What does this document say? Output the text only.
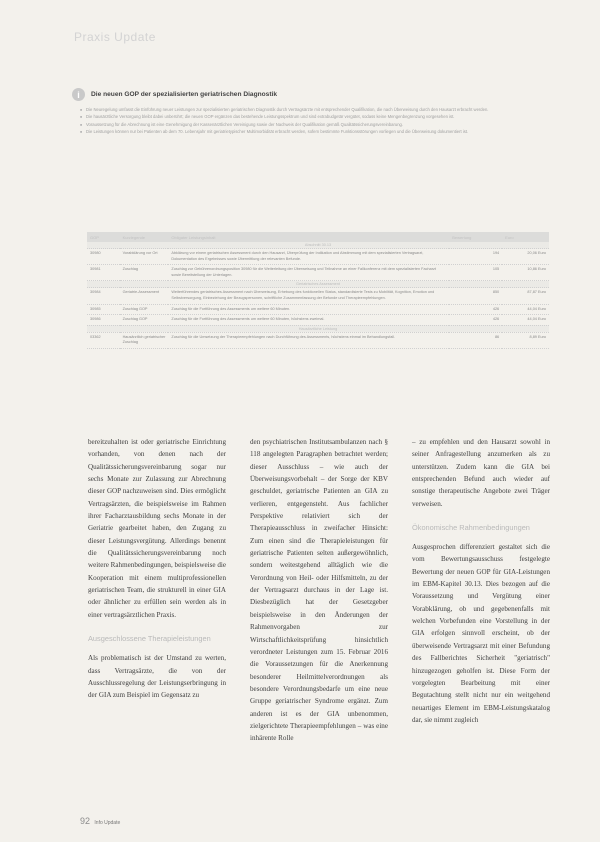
Praxis Update
i	Die neuen GOP der spezialisierten geriatrischen Diagnostik
■ Die Neuregelung umfasst die Einführung neuer Leistungen zur spezialisierten geriatrischen Diagnostik durch Vertragsärzte mit entsprechender Qualifikation, die nach Überweisung durch den Hausarzt erbracht werden.
■ Die hausärztliche Versorgung bleibt dabei unberührt; die neuen GOP ergänzen das bestehende Leistungsspektrum und sind extrabudgetär vergütet, sodass keine Mengenbegrenzung vorgesehen ist.
■ Voraussetzung für die Abrechnung ist eine Genehmigung der Kassenärztlichen Vereinigung sowie der Nachweis der Qualifikation gemäß Qualitätssicherungsvereinbarung.
■ Die Leistungen können nur bei Patienten ab dem 70. Lebensjahr mit geriatrietypischer Multimorbidität erbracht werden, sofern bestimmte Funktionsstörungen vorliegen und die Überweisung dokumentiert ist.
GOP	Kurzlegende	Obligater Leistungsinhalt	Bewertung	Euro
Abschnitt 30.13				
30980	Vorabklärung vor Ort	Abklärung vor einem geriatrischen Assessment durch den Hausarzt, Überprüfung der Indikation und Abstimmung mit dem spezialisierten Vertragsarzt, Dokumentation des Ergebnisses sowie Übermittlung der relevanten Befunde.	194	20,06 Euro
30981	Zuschlag	Zuschlag zur Gebührenordnungsposition 30980 für die Weiterleitung der Überweisung und Teilnahme an einer Fallkonferenz mit dem spezialisierten Facharzt sowie Bereitstellung der Unterlagen.	105	10,86 Euro
Geriatrisches Assessment				
30984	Geriatrie-Assessment	Weiterführendes geriatrisches Assessment nach Überweisung, Erhebung des funktionellen Status, standardisierte Tests zu Mobilität, Kognition, Emotion und Selbstversorgung, Einbeziehung der Bezugspersonen, schriftliche Zusammenfassung der Befunde und Therapieempfehlungen.	850	87,87 Euro
30985	Zuschlag GOP	Zuschlag für die Fortführung des Assessments um weitere 60 Minuten.	426	44,04 Euro
30986	Zuschlag GOP	Zuschlag für die Fortführung des Assessments um weitere 60 Minuten, höchstens zweimal.	426	44,04 Euro
Hausärztliche Leistung				
03362	Hausärztlich geriatrischer Zuschlag	Zuschlag für die Umsetzung der Therapieempfehlungen nach Durchführung des Assessments, höchstens einmal im Behandlungsfall.	86	8,89 Euro

bereitzuhalten ist oder geriatrische Einrichtung vorhanden, von denen nach der Qualitätssicherungsvereinbarung sogar nur sechs Monate zur Zulassung zur Abrechnung dieser GOP nachzuweisen sind. Dies ermöglicht Vertragsärzten, die beispielsweise im Rahmen ihrer Facharztausbildung sechs Monate in der Geriatrie gearbeitet haben, den Zugang zu dieser Leistungsvergütung. Allerdings benennt die Qualitätssicherungsvereinbarung noch weitere Rahmenbedingungen, beispielsweise die Kooperation mit einem multiprofessionellen geriatrischen Team, die strukturell in einer GIA oder ähnlicher zu erfüllen sein werden als in einer vertragsärztlichen Praxis.

Ausgeschlossene Therapieleistungen

Als problematisch ist der Umstand zu werten, dass Vertragsärzte, die von der Ausschlussregelung der Leistungserbringung in der GIA zum Beispiel im Gegensatz zu

den psychiatrischen Institutsambulanzen nach § 118 angelegten Paragraphen betrachtet werden; dieser Ausschluss – wie auch der Überweisungsvorbehalt – der Sorge der KBV geschuldet, geriatrische Patienten an GIA zu verlieren, entgegensteht. Aus fachlicher Perspektive relativiert sich der Therapieausschluss in zweifacher Hinsicht: Zum einen sind die Therapieleistungen für geriatrische Patienten selten außergewöhnlich, sondern weitestgehend alltäglich wie die Verordnung von Heil- oder Hilfsmitteln, zu der der Vertragsarzt durchaus in der Lage ist. Diesbezüglich hat der Gesetzgeber beispielsweise in den Änderungen der Rahmenvorgaben zur Wirtschaftlichkeitsprüfung hinsichtlich verordneter Leistungen zum 15. Februar 2016 die Voraussetzungen für die Anerkennung besonderer Heilmittelverordnungen als besondere Verordnungsbedarfe um eine neue Gruppe geriatrischer Syndrome ergänzt. Zum anderen ist es der GIA unbenommen, zielgerichtete Therapieempfehlungen – was eine inhärente Rolle

– zu empfehlen und den Hausarzt sowohl in seiner Anfragestellung anzumerken als zu unterstützen. Zudem kann die GIA bei entsprechenden Befund auch wieder auf sonstige therapeutische Angebote zwei Träger verweisen.

Ökonomische Rahmenbedingungen

Ausgesprochen differenziert gestaltet sich die vom Bewertungsausschuss festgelegte Bewertung der neuen GOP für GIA-Leistungen im EBM-Kapitel 30.13. Dies bezogen auf die Voraussetzung und Vergütung einer Vorabklärung, ob und gegebenenfalls mit welchen Vorbefunden eine Vorstellung in der GIA erfolgen sinnvoll erscheint, ob der überweisende Vertragsarzt mit einer Befundung des Fallberichtes Sicherheit "geriatrisch" hinzugezogen geholfen ist. Diese Form der vorgelegten Bearbeitung mit einer Begutachtung stellt nicht nur ein weitgehend neuartiges Element im EBM-Leistungskatalog dar, sie nimmt zugleich

92 Info Update
